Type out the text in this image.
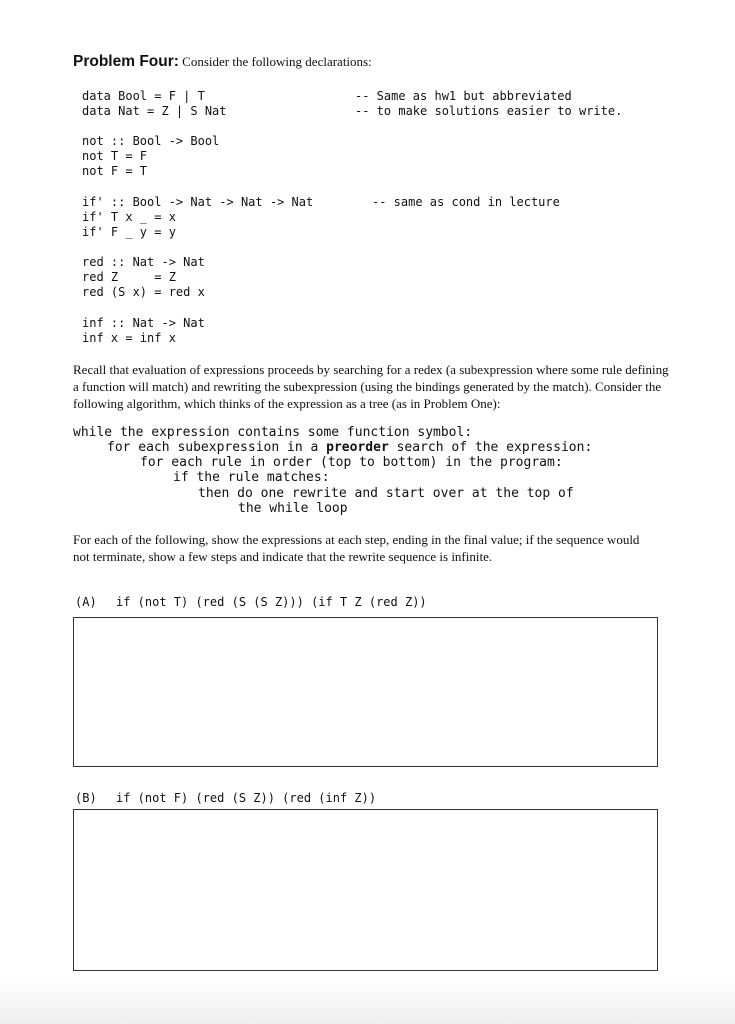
Problem Four: Consider the following declarations:
data Bool = F | T
data Nat = Z | S Nat
-- Same as hw1 but abbreviated
-- to make solutions easier to write.
not :: Bool -> Bool
not T = F
not F = T
if' :: Bool -> Nat -> Nat -> Nat	-- same as cond in lecture
if' T x _ = x
if' F _ y = y
red :: Nat -> Nat
red Z     = Z
red (S x) = red x
inf :: Nat -> Nat
inf x = inf x
Recall that evaluation of expressions proceeds by searching for a redex (a subexpression where some rule defining a function will match) and rewriting the subexpression (using the bindings generated by the match). Consider the following algorithm, which thinks of the expression as a tree (as in Problem One):
while the expression contains some function symbol:
for each subexpression in a preorder search of the expression:
for each rule in order (top to bottom) in the program:
if the rule matches:
then do one rewrite and start over at the top of
the while loop
For each of the following, show the expressions at each step, ending in the final value; if the sequence would not terminate, show a few steps and indicate that the rewrite sequence is infinite.
(A) if (not T) (red (S (S Z))) (if T Z (red Z))
(B) if (not F) (red (S Z)) (red (inf Z))
